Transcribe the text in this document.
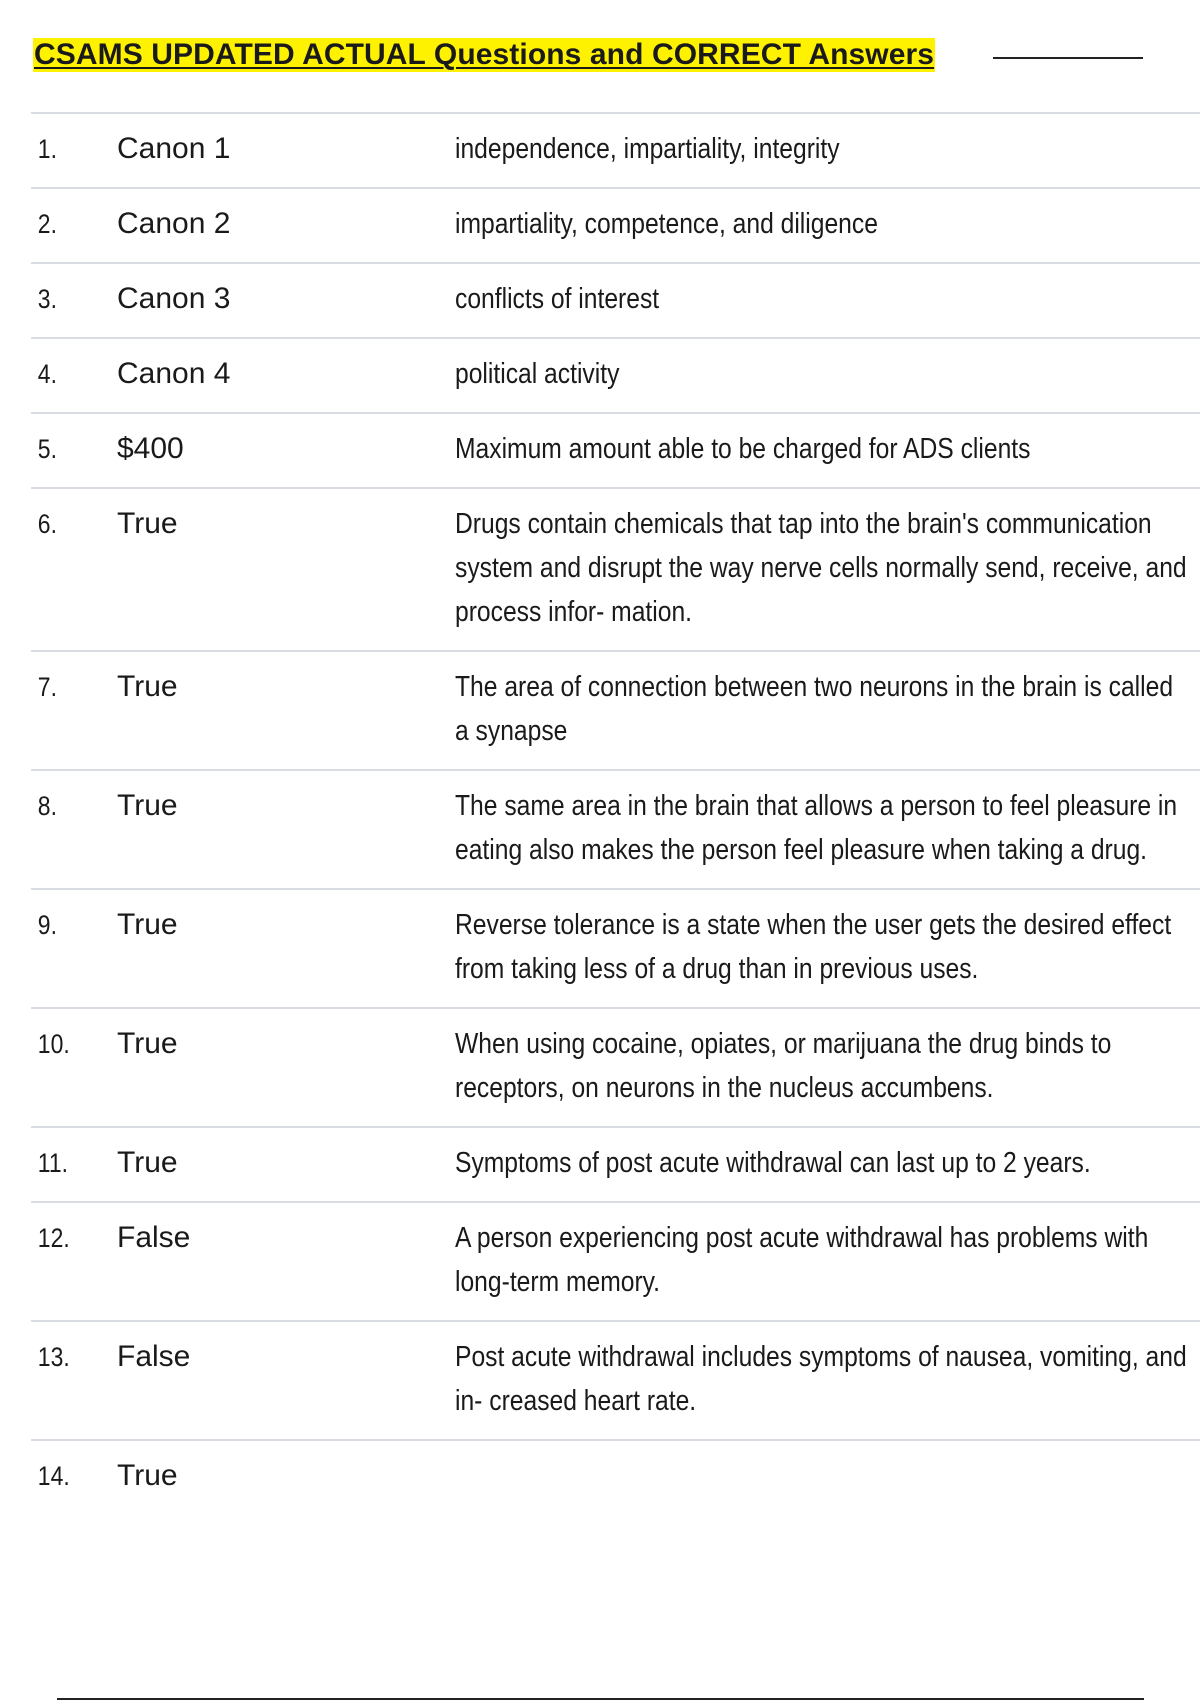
CSAMS UPDATED ACTUAL Questions and CORRECT Answers
1.	Canon 1	independence, impartiality, integrity
2.	Canon 2	impartiality, competence, and diligence
3.	Canon 3	conflicts of interest
4.	Canon 4	political activity
5.	$400	Maximum amount able to be charged for ADS clients
6.	True	Drugs contain chemicals that tap into the brain's communication system and disrupt the way nerve cells normally send, receive, and process infor- mation.
7.	True	The area of connection between two neurons in the brain is called a synapse
8.	True	The same area in the brain that allows a person to feel pleasure in eating also makes the person feel pleasure when taking a drug.
9.	True	Reverse tolerance is a state when the user gets the desired effect from taking less of a drug than in previous uses.
10.	True	When using cocaine, opiates, or marijuana the drug binds to receptors, on neurons in the nucleus accumbens.
11.	True	Symptoms of post acute withdrawal can last up to 2 years.
12.	False	A person experiencing post acute withdrawal has problems with long-term memory.
13.	False	Post acute withdrawal includes symptoms of nausea, vomiting, and in- creased heart rate.
14.	True
